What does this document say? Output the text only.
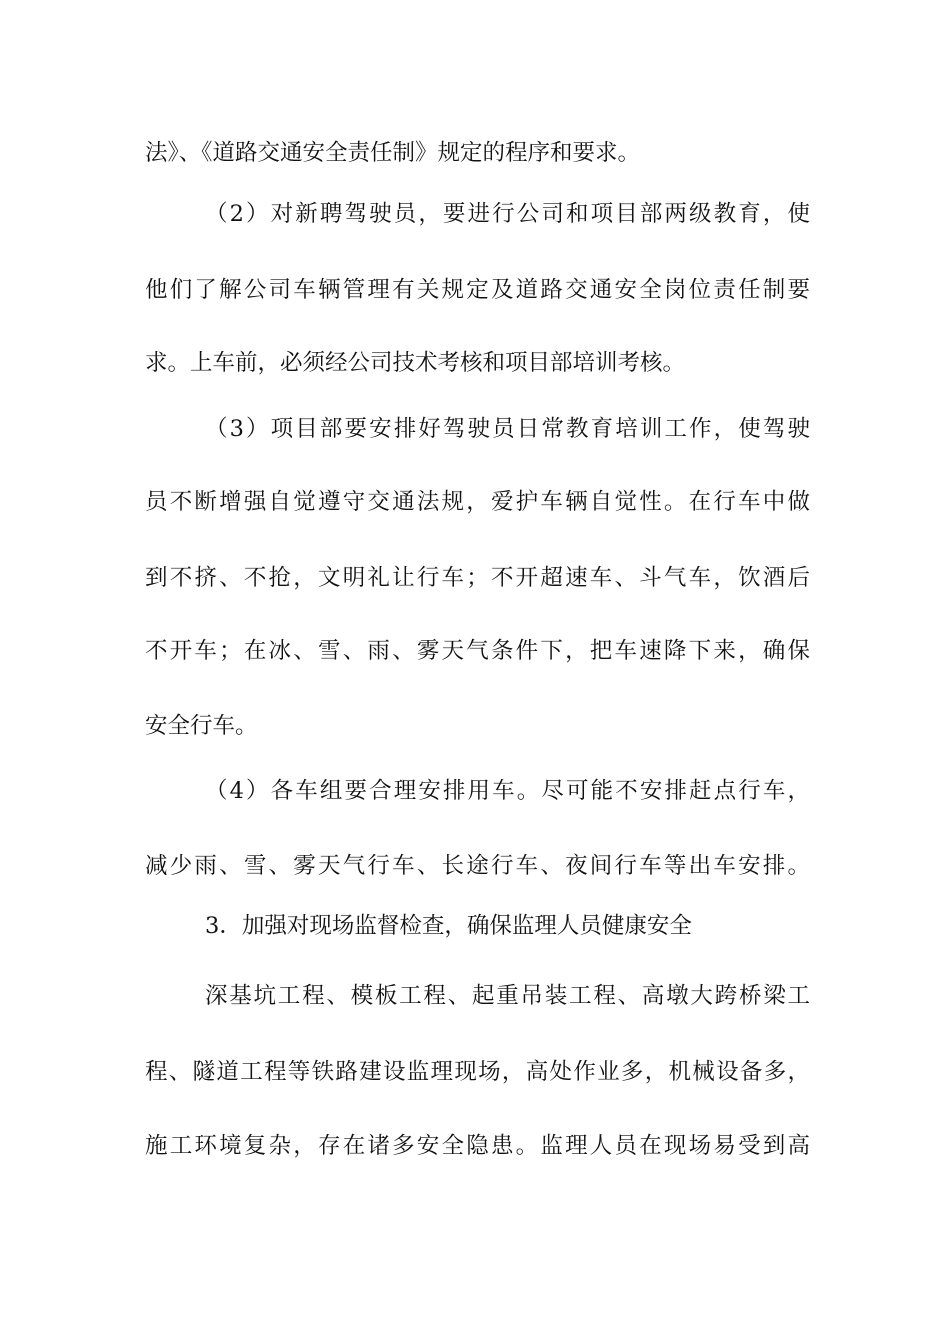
法》、《道路交通安全责任制》规定的程序和要求。
（2）对新聘驾驶员，要进行公司和项目部两级教育，使
他们了解公司车辆管理有关规定及道路交通安全岗位责任制要
求。上车前，必须经公司技术考核和项目部培训考核。
（3）项目部要安排好驾驶员日常教育培训工作，使驾驶
员不断增强自觉遵守交通法规，爱护车辆自觉性。在行车中做
到不挤、不抢，文明礼让行车；不开超速车、斗气车，饮酒后
不开车；在冰、雪、雨、雾天气条件下，把车速降下来，确保
安全行车。
（4）各车组要合理安排用车。尽可能不安排赶点行车，
减少雨、雪、雾天气行车、长途行车、夜间行车等出车安排。
3．加强对现场监督检查，确保监理人员健康安全
深基坑工程、模板工程、起重吊装工程、高墩大跨桥梁工
程、隧道工程等铁路建设监理现场，高处作业多，机械设备多，
施工环境复杂，存在诸多安全隐患。监理人员在现场易受到高
